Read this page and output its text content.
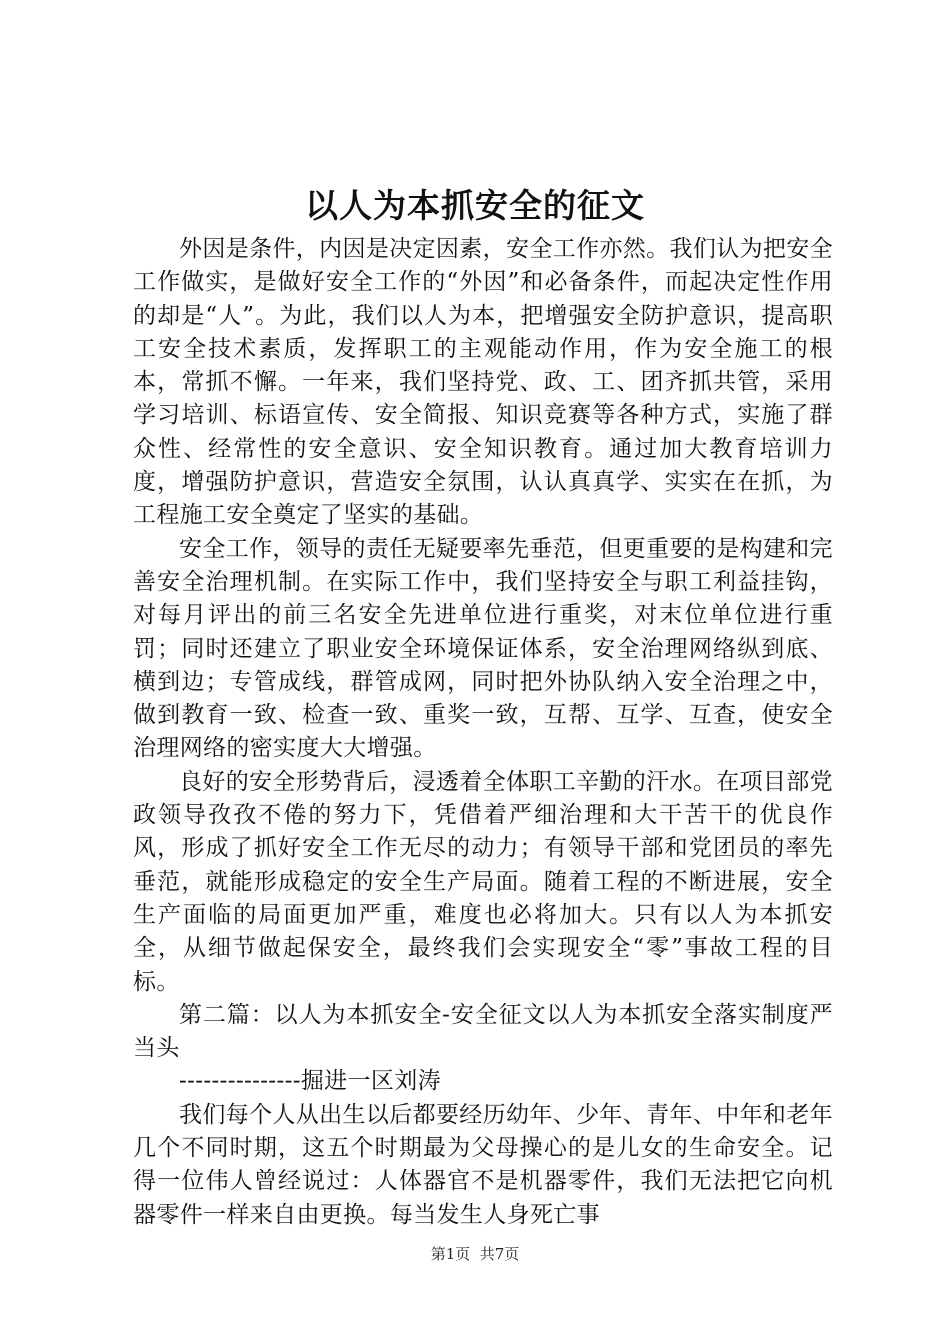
以人为本抓安全的征文

外因是条件，内因是决定因素，安全工作亦然。我们认为把安全工作做实，是做好安全工作的“外因”和必备条件，而起决定性作用的却是“人”。为此，我们以人为本，把增强安全防护意识，提高职工安全技术素质，发挥职工的主观能动作用，作为安全施工的根本，常抓不懈。一年来，我们坚持党、政、工、团齐抓共管，采用学习培训、标语宣传、安全简报、知识竞赛等各种方式，实施了群众性、经常性的安全意识、安全知识教育。通过加大教育培训力度，增强防护意识，营造安全氛围，认认真真学、实实在在抓，为工程施工安全奠定了坚实的基础。

安全工作，领导的责任无疑要率先垂范，但更重要的是构建和完善安全治理机制。在实际工作中，我们坚持安全与职工利益挂钩，对每月评出的前三名安全先进单位进行重奖，对末位单位进行重罚；同时还建立了职业安全环境保证体系，安全治理网络纵到底、横到边；专管成线，群管成网，同时把外协队纳入安全治理之中，做到教育一致、检查一致、重奖一致，互帮、互学、互查，使安全治理网络的密实度大大增强。

良好的安全形势背后，浸透着全体职工辛勤的汗水。在项目部党政领导孜孜不倦的努力下，凭借着严细治理和大干苦干的优良作风，形成了抓好安全工作无尽的动力；有领导干部和党团员的率先垂范，就能形成稳定的安全生产局面。随着工程的不断进展，安全生产面临的局面更加严重，难度也必将加大。只有以人为本抓安全，从细节做起保安全，最终我们会实现安全“零”事故工程的目标。

第二篇：以人为本抓安全-安全征文以人为本抓安全落实制度严当头

---------------掘进一区刘涛

我们每个人从出生以后都要经历幼年、少年、青年、中年和老年几个不同时期，这五个时期最为父母操心的是儿女的生命安全。记得一位伟人曾经说过：人体器官不是机器零件，我们无法把它向机器零件一样来自由更换。每当发生人身死亡事

第1页  共7页
